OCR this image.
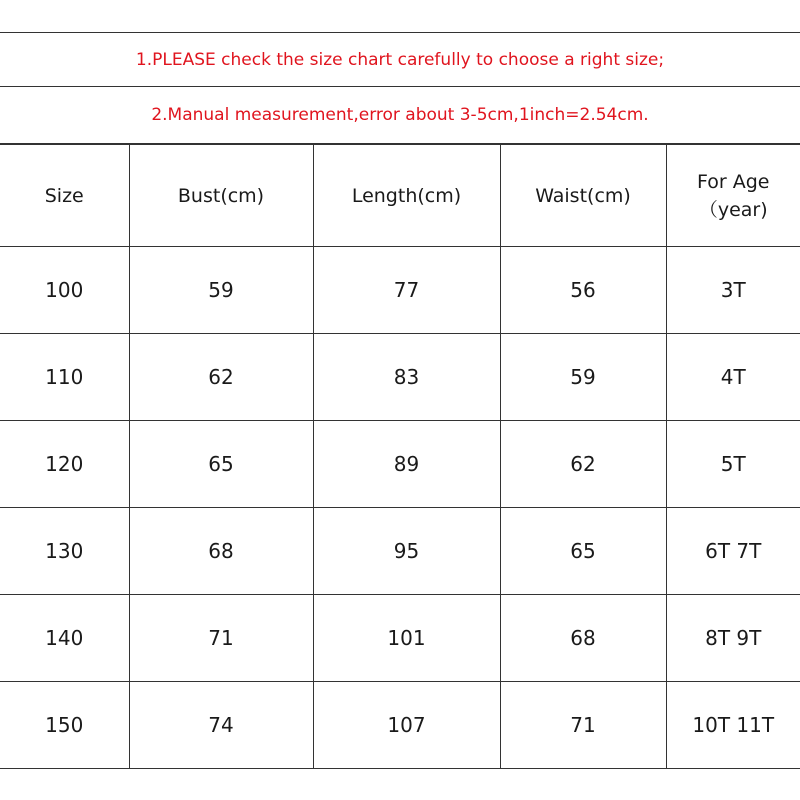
1.PLEASE check the size chart carefully to choose a right size;
2.Manual measurement,error about 3-5cm,1inch=2.54cm.
Size	Bust(cm)	Length(cm)	Waist(cm)	For Age
（year)

100	59	77	56	3T
110	62	83	59	4T
120	65	89	62	5T
130	68	95	65	6T 7T
140	71	101	68	8T 9T
150	74	107	71	10T 11T
